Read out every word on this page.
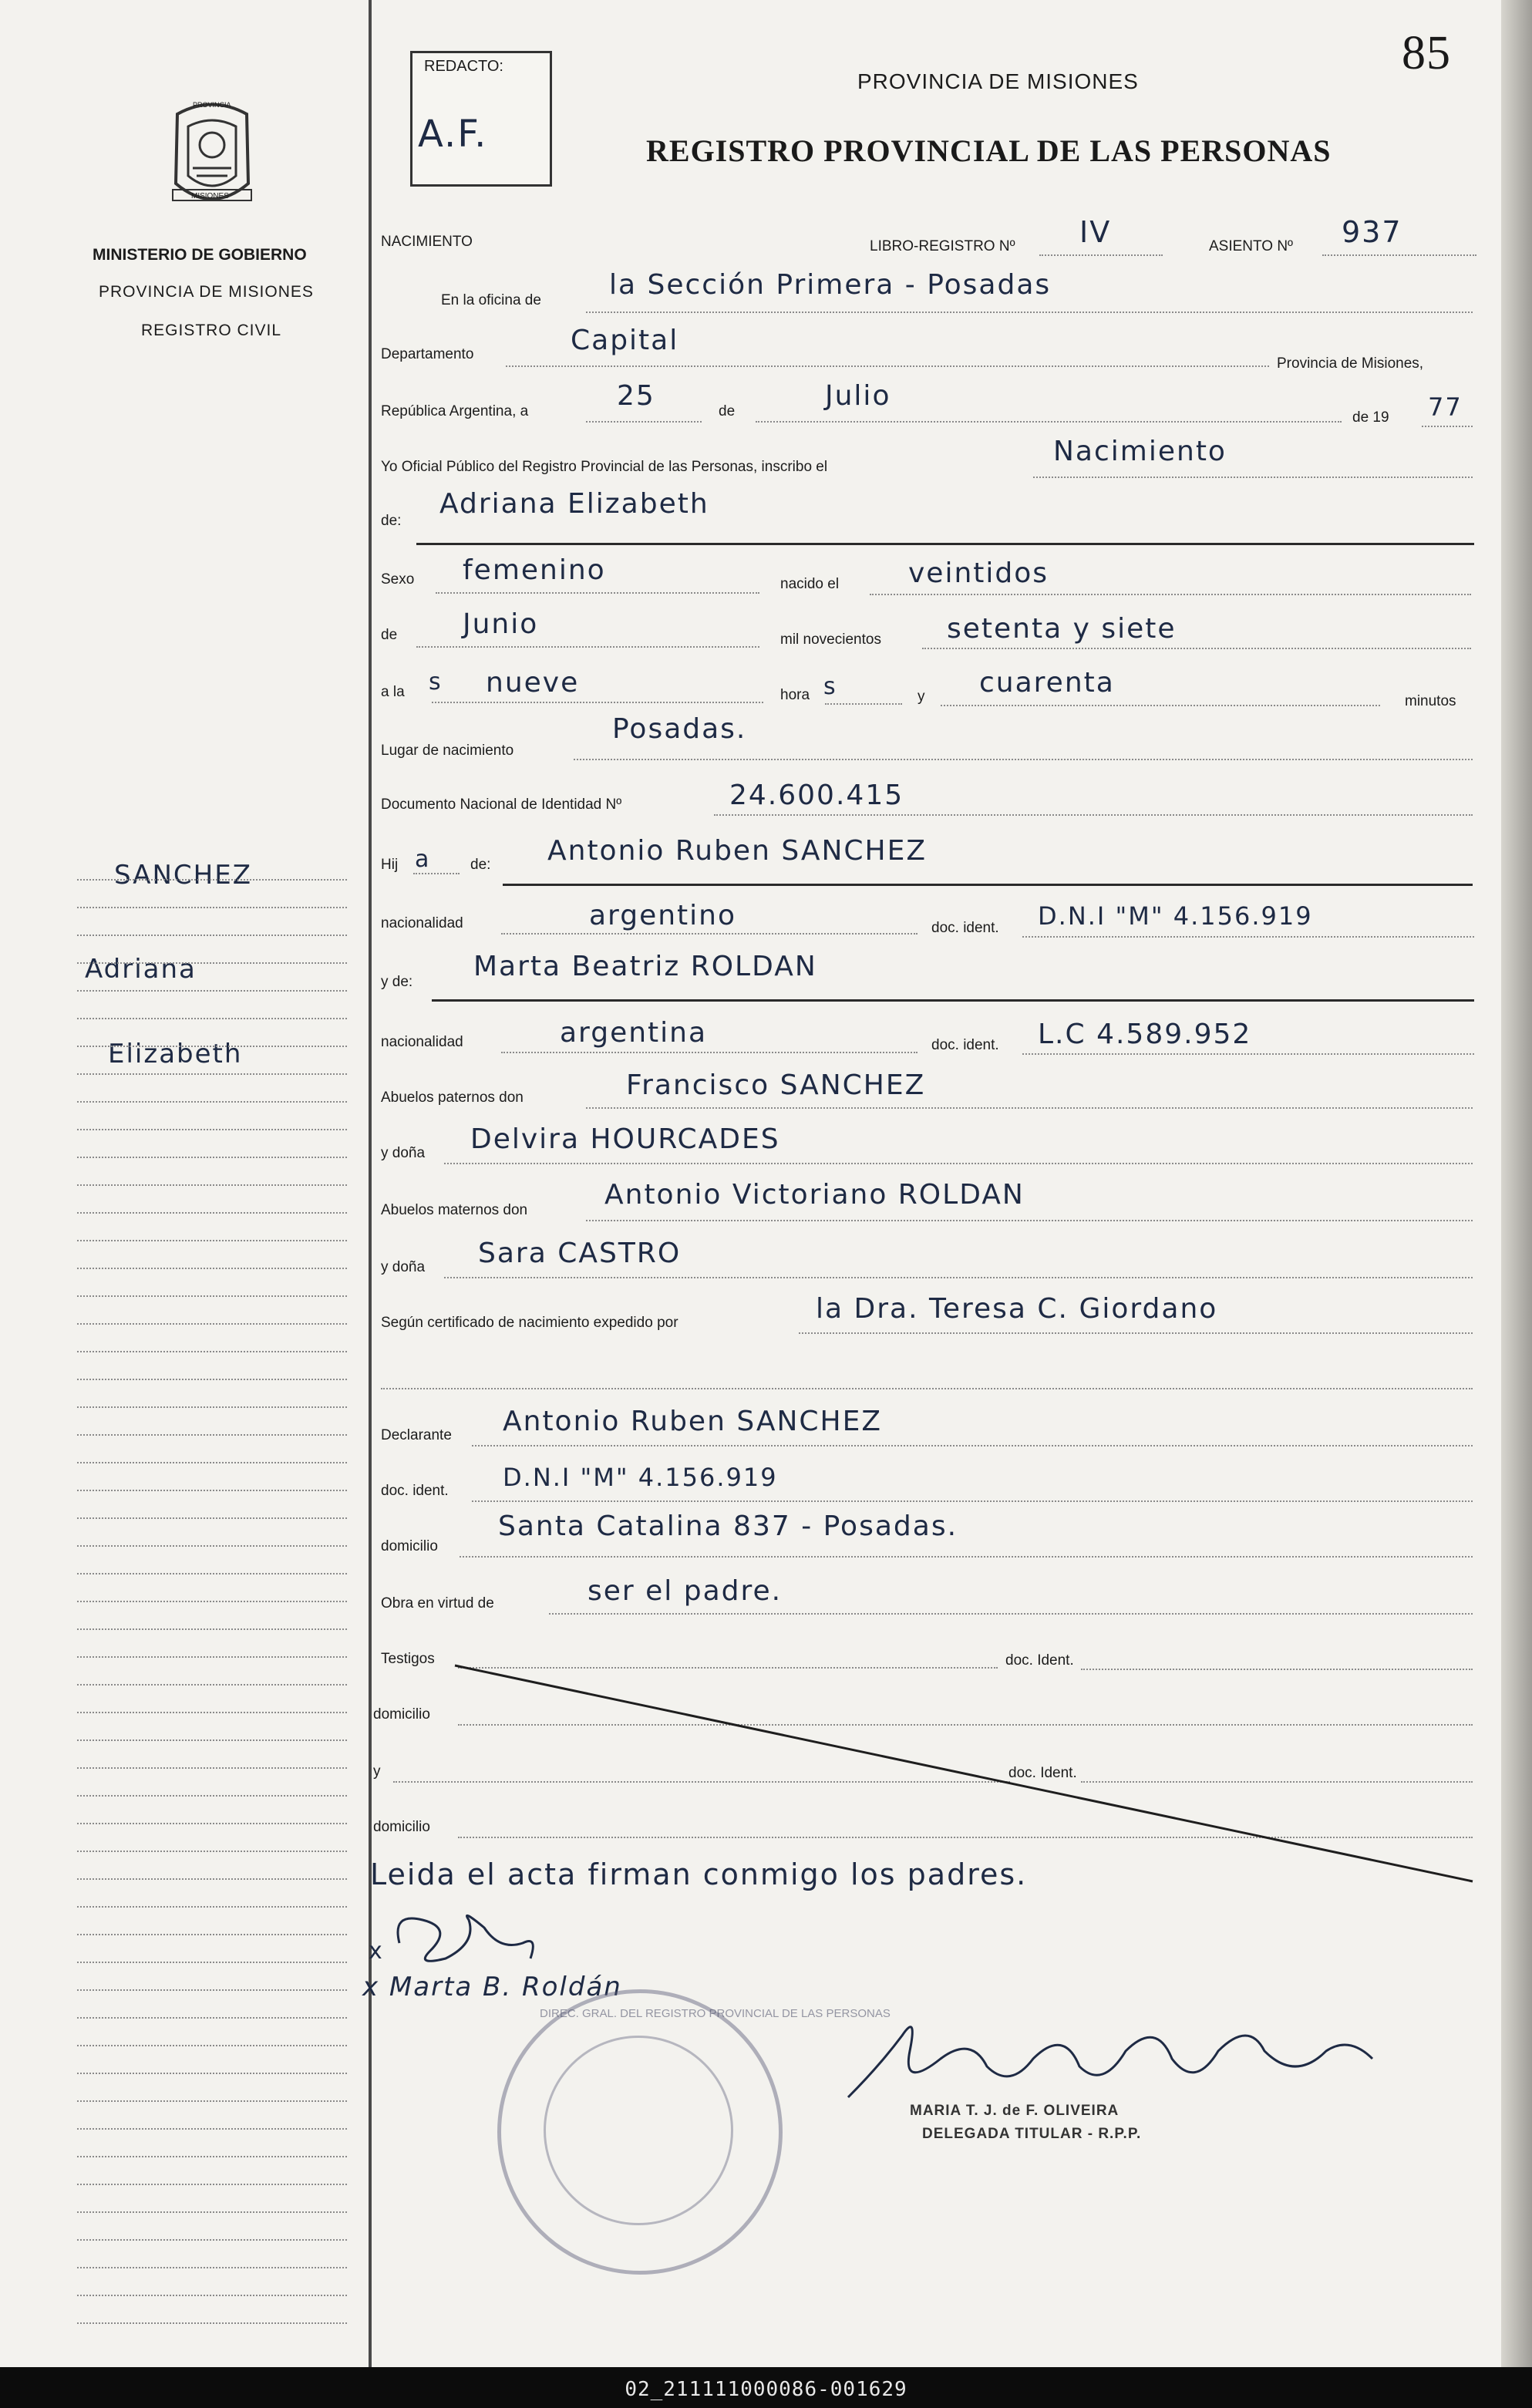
85
PROVINCIA
MISIONES
MINISTERIO DE GOBIERNO
PROVINCIA DE MISIONES
REGISTRO CIVIL
SANCHEZ
Adriana
Elizabeth
REDACTO:
A.F.
PROVINCIA DE MISIONES
REGISTRO PROVINCIAL DE LAS PERSONAS
NACIMIENTO	LIBRO-REGISTRO Nº IV	ASIENTO Nº 937
En la oficina de la Sección Primera - Posadas
Departamento	Capital
Provincia de Misiones,
República Argentina, a	25	de	Julio
de 19 77
Yo Oficial Público del Registro Provincial de las Personas, inscribo el	Nacimiento
de:
Adriana Elizabeth
Sexo femenino	nacido el veintidos
de Junio	mil novecientos setenta y siete
a la s nueve	hora s	y cuarenta
minutos
Lugar de nacimiento
Posadas.
Documento Nacional de Identidad Nº	24.600.415
Hij a	de: Antonio Ruben SANCHEZ
nacionalidad	argentino	doc. ident. D.N.I "M" 4.156.919
y de: Marta Beatriz ROLDAN
nacionalidad	argentina	doc. ident. L.C 4.589.952
Abuelos paternos don	Francisco SANCHEZ
y doña Delvira HOURCADES
Abuelos maternos don	Antonio Victoriano ROLDAN
y doña Sara CASTRO
Según certificado de nacimiento expedido por	la Dra. Teresa C. Giordano
Declarante Antonio Ruben SANCHEZ
doc. ident. D.N.I "M" 4.156.919
domicilio
Santa Catalina 837 - Posadas.
Obra en virtud de	ser el padre.
Testigos	doc. Ident.
domicilio
y	doc. Ident.
domicilio
Leida el acta firman conmigo los padres.
x
x Marta B. Roldán
DIREC. GRAL. DEL REGISTRO PROVINCIAL DE LAS PERSONAS
MARIA T. J. de F. OLIVEIRA
DELEGADA TITULAR - R.P.P.
02_211111000086-001629
